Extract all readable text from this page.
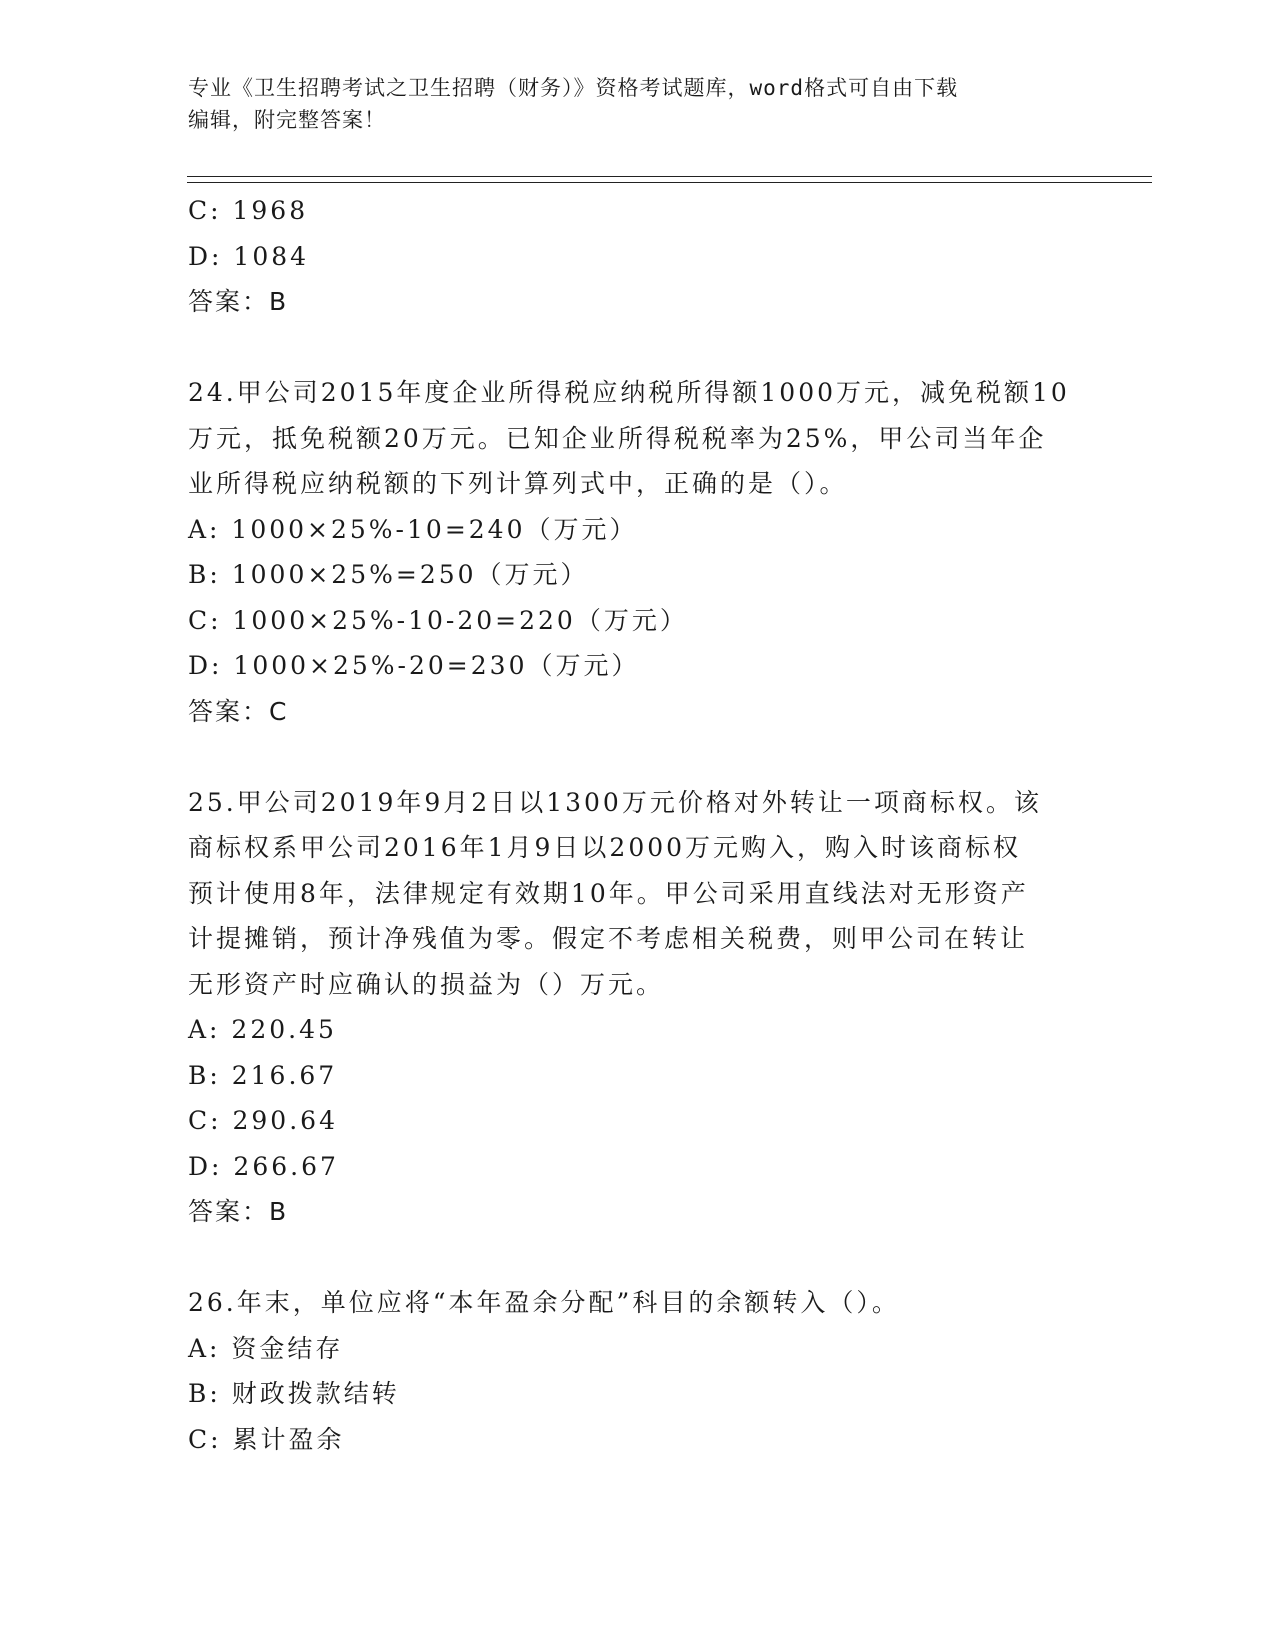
专业《卫生招聘考试之卫生招聘（财务）》资格考试题库，word格式可自由下载
编辑，附完整答案！
C: 1968
D: 1084
答案：B
24.甲公司2015年度企业所得税应纳税所得额1000万元，减免税额10
万元，抵免税额20万元。已知企业所得税税率为25%，甲公司当年企
业所得税应纳税额的下列计算列式中，正确的是（）。
A: 1000×25%-10=240（万元）
B: 1000×25%=250（万元）
C: 1000×25%-10-20=220（万元）
D: 1000×25%-20=230（万元）
答案：C
25.甲公司2019年9月2日以1300万元价格对外转让一项商标权。该
商标权系甲公司2016年1月9日以2000万元购入，购入时该商标权
预计使用8年，法律规定有效期10年。甲公司采用直线法对无形资产
计提摊销，预计净残值为零。假定不考虑相关税费，则甲公司在转让
无形资产时应确认的损益为（）万元。
A: 220.45
B: 216.67
C: 290.64
D: 266.67
答案：B
26.年末，单位应将“本年盈余分配”科目的余额转入（）。
A: 资金结存
B: 财政拨款结转
C: 累计盈余
